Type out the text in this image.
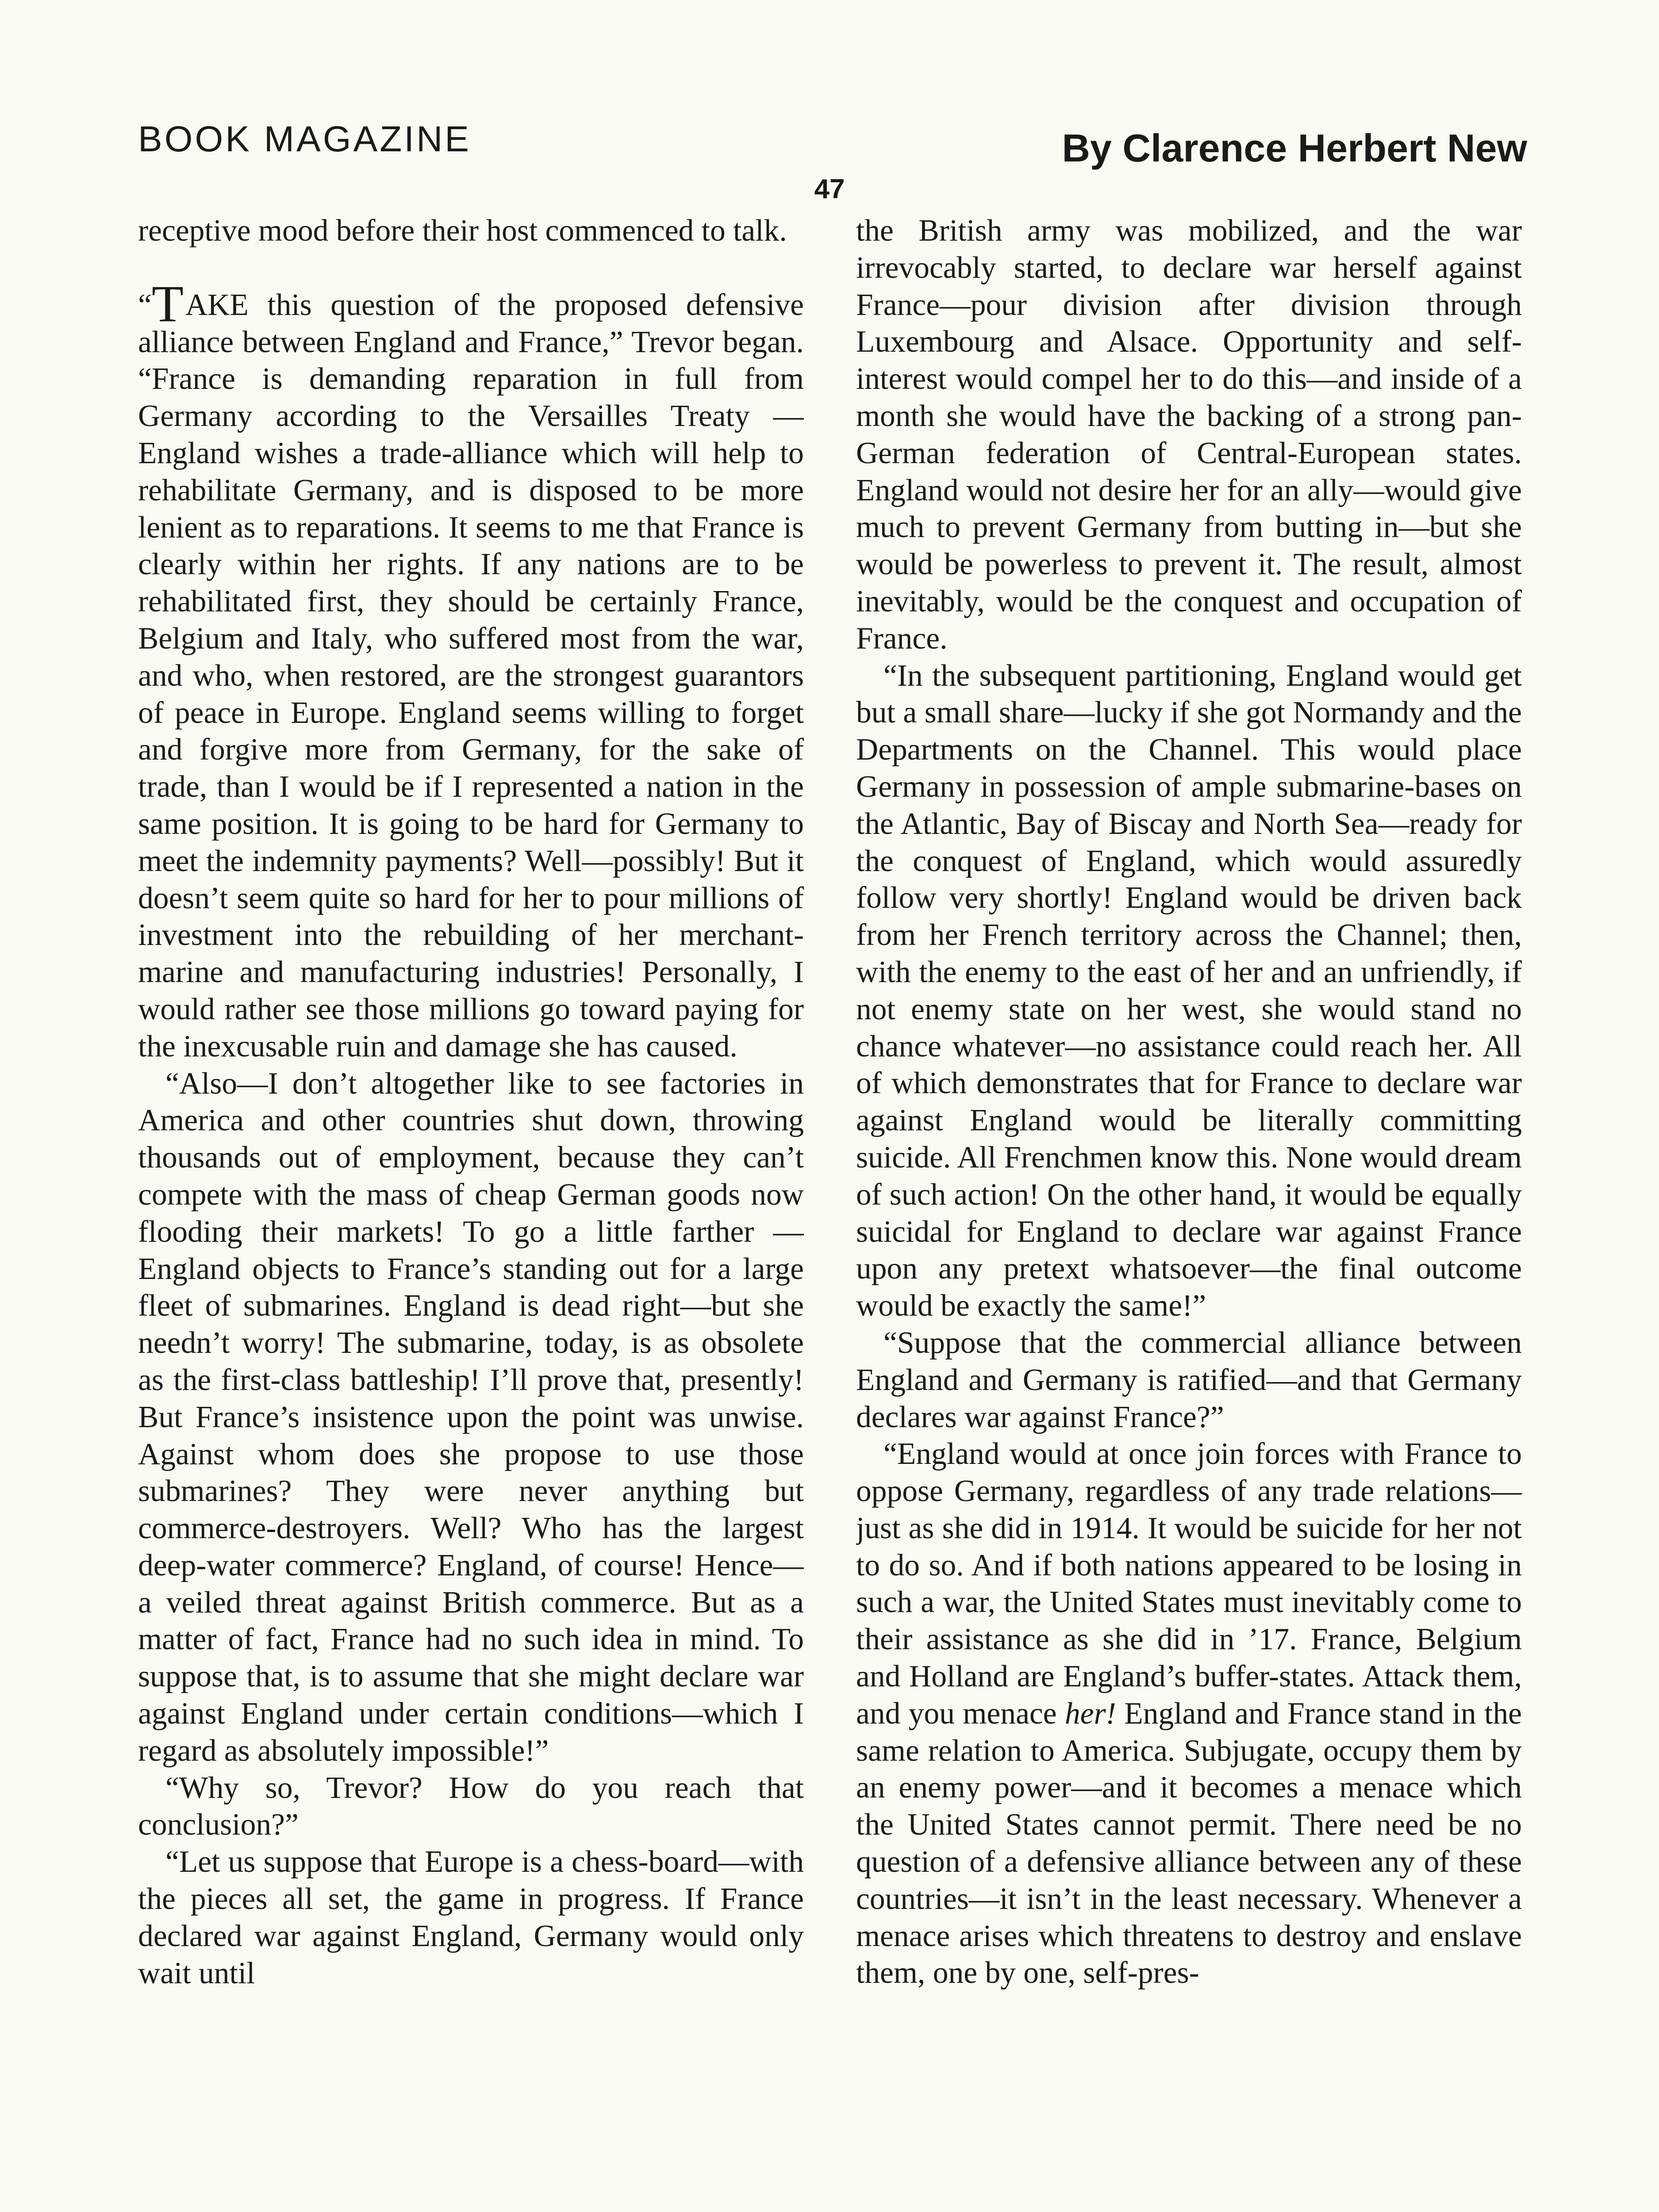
BOOK MAGAZINE	By Clarence Herbert New
47

receptive mood before their host commenced to talk.

“TAKE this question of the proposed defensive alliance between England and France,” Trevor began. “France is demanding reparation in full from Germany according to the Versailles Treaty —England wishes a trade-alliance which will help to rehabilitate Germany, and is disposed to be more lenient as to reparations. It seems to me that France is clearly within her rights. If any nations are to be rehabilitated first, they should be certainly France, Belgium and Italy, who suffered most from the war, and who, when restored, are the strongest guarantors of peace in Europe. England seems willing to forget and forgive more from Germany, for the sake of trade, than I would be if I represented a nation in the same position. It is going to be hard for Germany to meet the indemnity payments? Well—possibly! But it doesn’t seem quite so hard for her to pour millions of investment into the rebuilding of her merchant-marine and manufacturing industries! Personally, I would rather see those millions go toward paying for the inexcusable ruin and damage she has caused.

“Also—I don’t altogether like to see factories in America and other countries shut down, throwing thousands out of employment, because they can’t compete with the mass of cheap German goods now flooding their markets! To go a little farther —England objects to France’s standing out for a large fleet of submarines. England is dead right—but she needn’t worry! The submarine, today, is as obsolete as the first-class battleship! I’ll prove that, presently! But France’s insistence upon the point was unwise. Against whom does she propose to use those submarines? They were never anything but commerce-destroyers. Well? Who has the largest deep-water commerce? England, of course! Hence—a veiled threat against British commerce. But as a matter of fact, France had no such idea in mind. To suppose that, is to assume that she might declare war against England under certain conditions—which I regard as absolutely impossible!”

“Why so, Trevor? How do you reach that conclusion?”

“Let us suppose that Europe is a chess-board—with the pieces all set, the game in progress. If France declared war against England, Germany would only wait until

the British army was mobilized, and the war irrevocably started, to declare war herself against France—pour division after division through Luxembourg and Alsace. Opportunity and self-interest would compel her to do this—and inside of a month she would have the backing of a strong pan-German federation of Central-European states. England would not desire her for an ally—would give much to prevent Germany from butting in—but she would be powerless to prevent it. The result, almost inevitably, would be the conquest and occupation of France.

“In the subsequent partitioning, England would get but a small share—lucky if she got Normandy and the Departments on the Channel. This would place Germany in possession of ample submarine-bases on the Atlantic, Bay of Biscay and North Sea—ready for the conquest of England, which would assuredly follow very shortly! England would be driven back from her French territory across the Channel; then, with the enemy to the east of her and an unfriendly, if not enemy state on her west, she would stand no chance whatever—no assistance could reach her. All of which demonstrates that for France to declare war against England would be literally committing suicide. All Frenchmen know this. None would dream of such action! On the other hand, it would be equally suicidal for England to declare war against France upon any pretext whatsoever—the final outcome would be exactly the same!”

“Suppose that the commercial alliance between England and Germany is ratified—and that Germany declares war against France?”

“England would at once join forces with France to oppose Germany, regardless of any trade relations—just as she did in 1914. It would be suicide for her not to do so. And if both nations appeared to be losing in such a war, the United States must inevitably come to their assistance as she did in ’17. France, Belgium and Holland are England’s buffer-states. Attack them, and you menace her! England and France stand in the same relation to America. Subjugate, occupy them by an enemy power—and it becomes a menace which the United States cannot permit. There need be no question of a defensive alliance between any of these countries—it isn’t in the least necessary. Whenever a menace arises which threatens to destroy and enslave them, one by one, self-pres-
